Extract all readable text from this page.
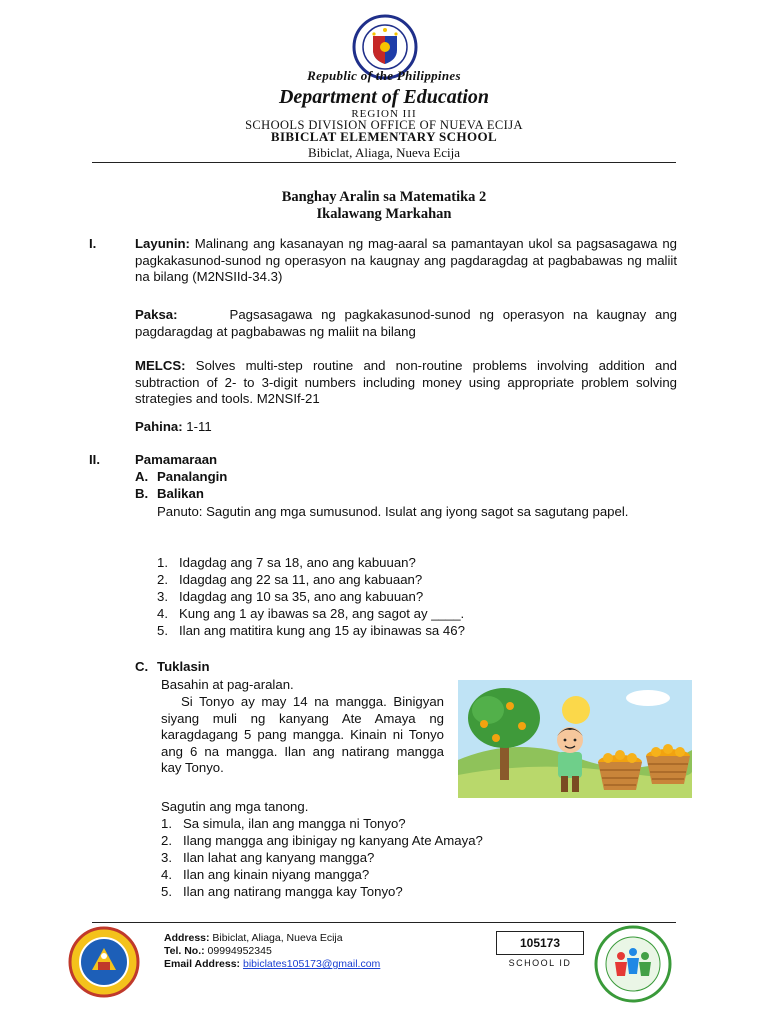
Republic of the Philippines
Department of Education
REGION III
SCHOOLS DIVISION OFFICE OF NUEVA ECIJA
BIBICLAT ELEMENTARY SCHOOL
Bibiclat, Aliaga, Nueva Ecija
Banghay Aralin sa Matematika 2
Ikalawang Markahan
I.	Layunin: Malinang ang kasanayan ng mag-aaral sa pamantayan ukol sa pagsasagawa ng pagkakasunod-sunod ng operasyon na kaugnay ang pagdaragdag at pagbabawas ng maliit na bilang (M2NSIId-34.3)
Paksa:	Pagsasagawa ng pagkakasunod-sunod ng operasyon na kaugnay ang pagdaragdag at pagbabawas ng maliit na bilang
MELCS: Solves multi-step routine and non-routine problems involving addition and subtraction of 2- to 3-digit numbers including money using appropriate problem solving strategies and tools. M2NSIf-21
Pahina: 1-11
II.	Pamamaraan
A. Panalangin
B. Balikan
Panuto: Sagutin ang mga sumusunod. Isulat ang iyong sagot sa sagutang papel.
1. Idagdag ang 7 sa 18, ano ang kabuuan?
2. Idagdag ang 22 sa 11, ano ang kabuaan?
3. Idagdag ang 10 sa 35, ano ang kabuuan?
4. Kung ang 1 ay ibawas sa 28, ang sagot ay ____.
5. Ilan ang matitira kung ang 15 ay ibinawas sa 46?
C. Tuklasin
Basahin at pag-aralan.
Si Tonyo ay may 14 na mangga. Binigyan siyang muli ng kanyang Ate Amaya ng karagdagang 5 pang mangga. Kinain ni Tonyo ang 6 na mangga. Ilan ang natirang mangga kay Tonyo.
Sagutin ang mga tanong.
1. Sa simula, ilan ang mangga ni Tonyo?
2. Ilang mangga ang ibinigay ng kanyang Ate Amaya?
3. Ilan lahat ang kanyang mangga?
4. Ilan ang kinain niyang mangga?
5. Ilan ang natirang mangga kay Tonyo?
Address: Bibiclat, Aliaga, Nueva Ecija
Tel. No.: 09994952345
Email Address: bibiclates105173@gmail.com
105173
SCHOOL ID
